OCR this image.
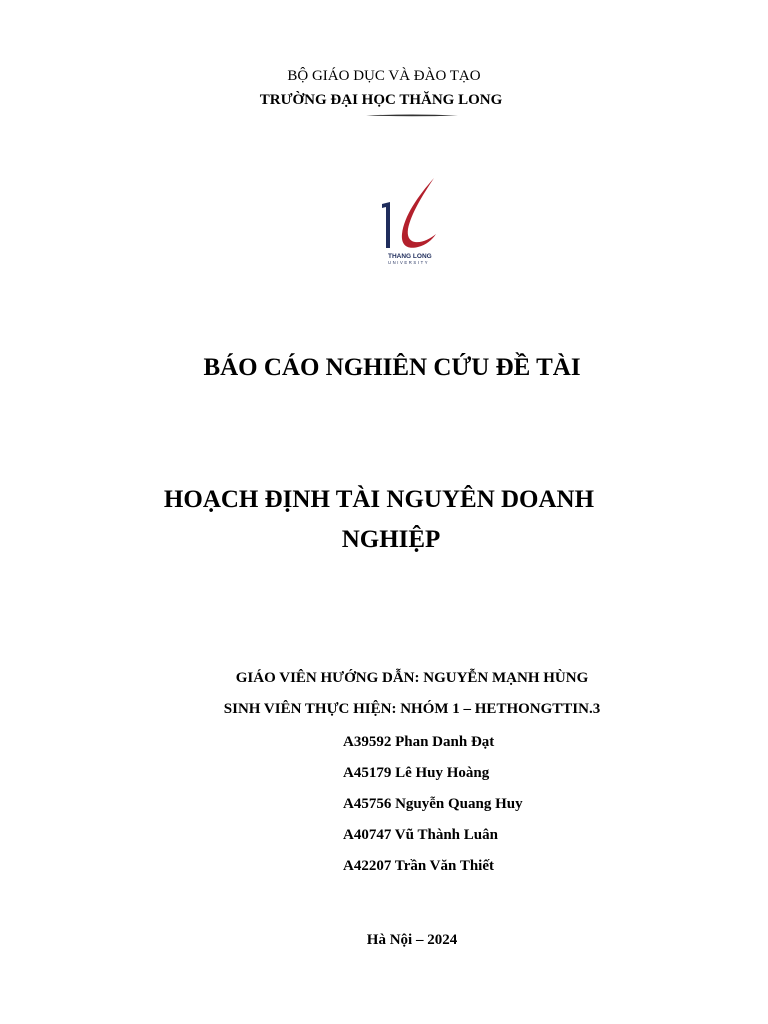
BỘ GIÁO DỤC VÀ ĐÀO TẠO
TRƯỜNG ĐẠI HỌC THĂNG LONG
THANG LONG
UNIVERSITY
BÁO CÁO NGHIÊN CỨU ĐỀ TÀI
HOẠCH ĐỊNH TÀI NGUYÊN DOANH
NGHIỆP
GIÁO VIÊN HƯỚNG DẪN: NGUYỄN MẠNH HÙNG
SINH VIÊN THỰC HIỆN: NHÓM 1 – HETHONGTTIN.3
A39592 Phan Danh Đạt
A45179 Lê Huy Hoàng
A45756 Nguyễn Quang Huy
A40747 Vũ Thành Luân
A42207 Trần Văn Thiết
Hà Nội – 2024
